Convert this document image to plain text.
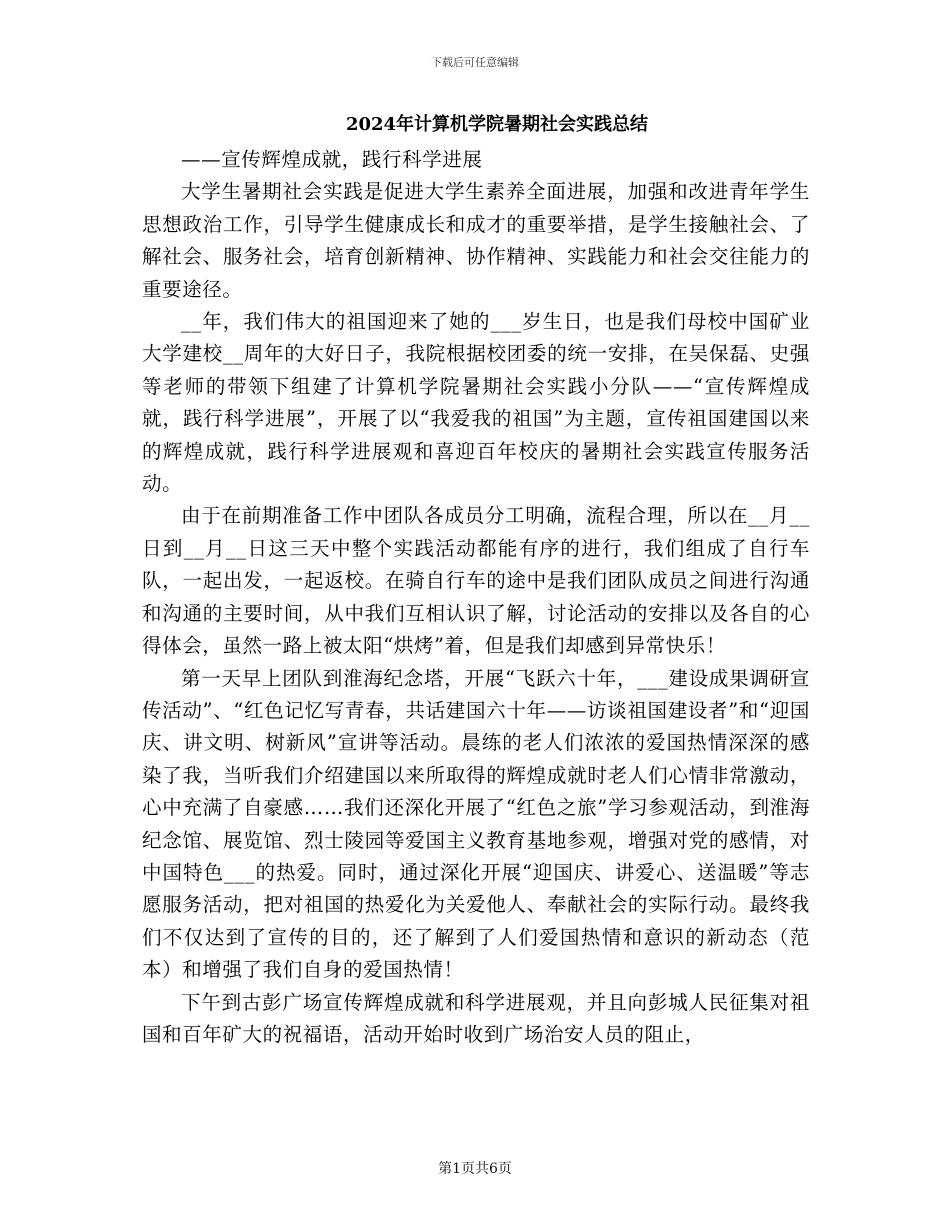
下载后可任意编辑
2024年计算机学院暑期社会实践总结

——宣传辉煌成就，践行科学进展

大学生暑期社会实践是促进大学生素养全面进展，加强和改进青年学生思想政治工作，引导学生健康成长和成才的重要举措，是学生接触社会、了解社会、服务社会，培育创新精神、协作精神、实践能力和社会交往能力的重要途径。

__年，我们伟大的祖国迎来了她的___岁生日，也是我们母校中国矿业大学建校__周年的大好日子，我院根据校团委的统一安排，在吴保磊、史强等老师的带领下组建了计算机学院暑期社会实践小分队——“宣传辉煌成就，践行科学进展”，开展了以“我爱我的祖国”为主题，宣传祖国建国以来的辉煌成就，践行科学进展观和喜迎百年校庆的暑期社会实践宣传服务活动。

由于在前期准备工作中团队各成员分工明确，流程合理，所以在__月__日到__月__日这三天中整个实践活动都能有序的进行，我们组成了自行车队，一起出发，一起返校。在骑自行车的途中是我们团队成员之间进行沟通和沟通的主要时间，从中我们互相认识了解，讨论活动的安排以及各自的心得体会，虽然一路上被太阳“烘烤”着，但是我们却感到异常快乐！

第一天早上团队到淮海纪念塔，开展“飞跃六十年，___建设成果调研宣传活动”、“红色记忆写青春，共话建国六十年——访谈祖国建设者”和“迎国庆、讲文明、树新风”宣讲等活动。晨练的老人们浓浓的爱国热情深深的感染了我，当听我们介绍建国以来所取得的辉煌成就时老人们心情非常激动，心中充满了自豪感……我们还深化开展了“红色之旅”学习参观活动，到淮海纪念馆、展览馆、烈士陵园等爱国主义教育基地参观，增强对党的感情，对中国特色___的热爱。同时，通过深化开展“迎国庆、讲爱心、送温暖”等志愿服务活动，把对祖国的热爱化为关爱他人、奉献社会的实际行动。最终我们不仅达到了宣传的目的，还了解到了人们爱国热情和意识的新动态（范本）和增强了我们自身的爱国热情！

下午到古彭广场宣传辉煌成就和科学进展观，并且向彭城人民征集对祖国和百年矿大的祝福语，活动开始时收到广场治安人员的阻止，

第1页共6页
